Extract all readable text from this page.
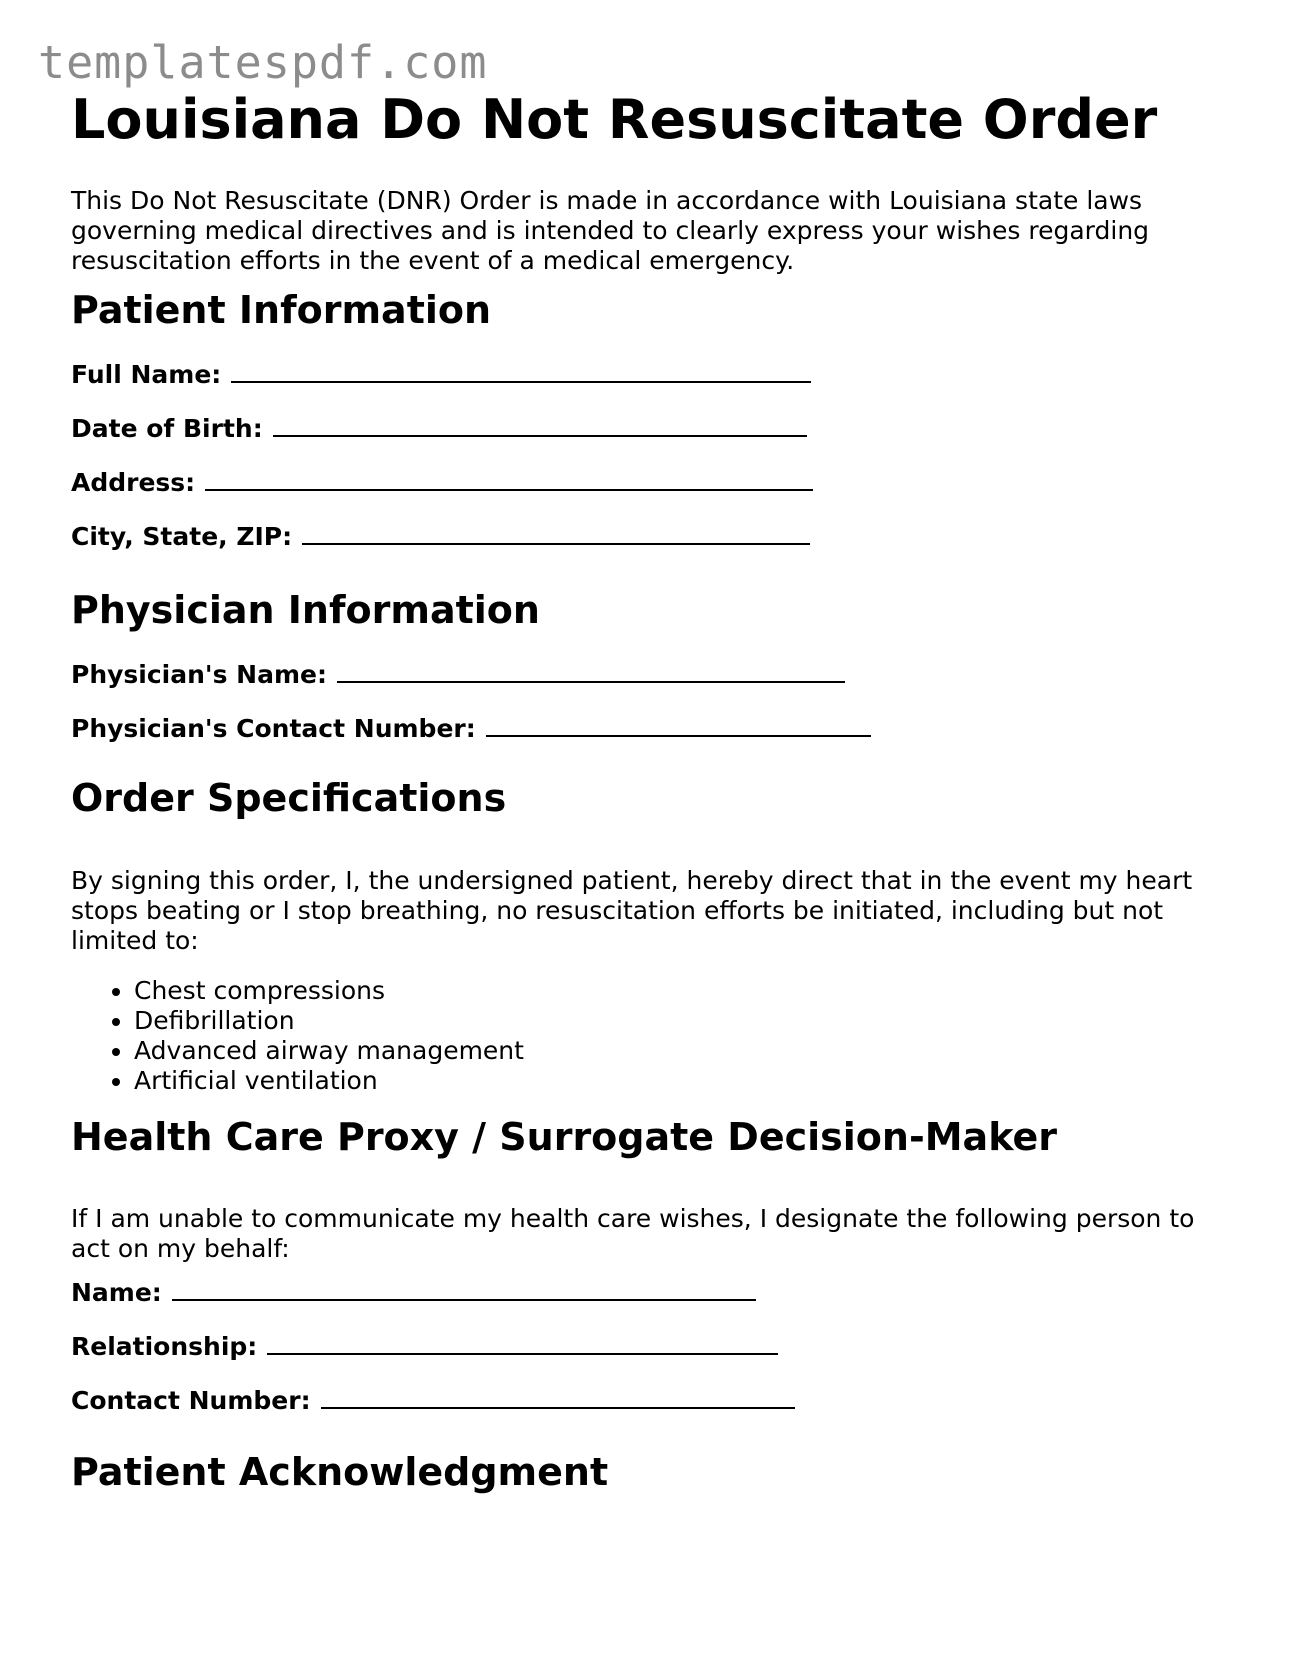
templatespdf.com
Louisiana Do Not Resuscitate Order

This Do Not Resuscitate (DNR) Order is made in accordance with Louisiana state laws governing medical directives and is intended to clearly express your wishes regarding resuscitation efforts in the event of a medical emergency.

Patient Information
Full Name:
Date of Birth:
Address:
City, State, ZIP:
Physician Information
Physician's Name:
Physician's Contact Number:
Order Specifications

By signing this order, I, the undersigned patient, hereby direct that in the event my heart stops beating or I stop breathing, no resuscitation efforts be initiated, including but not limited to:

• Chest compressions
• Defibrillation
• Advanced airway management
• Artificial ventilation
Health Care Proxy / Surrogate Decision-Maker

If I am unable to communicate my health care wishes, I designate the following person to act on my behalf:

Name:
Relationship:
Contact Number:
Patient Acknowledgment
